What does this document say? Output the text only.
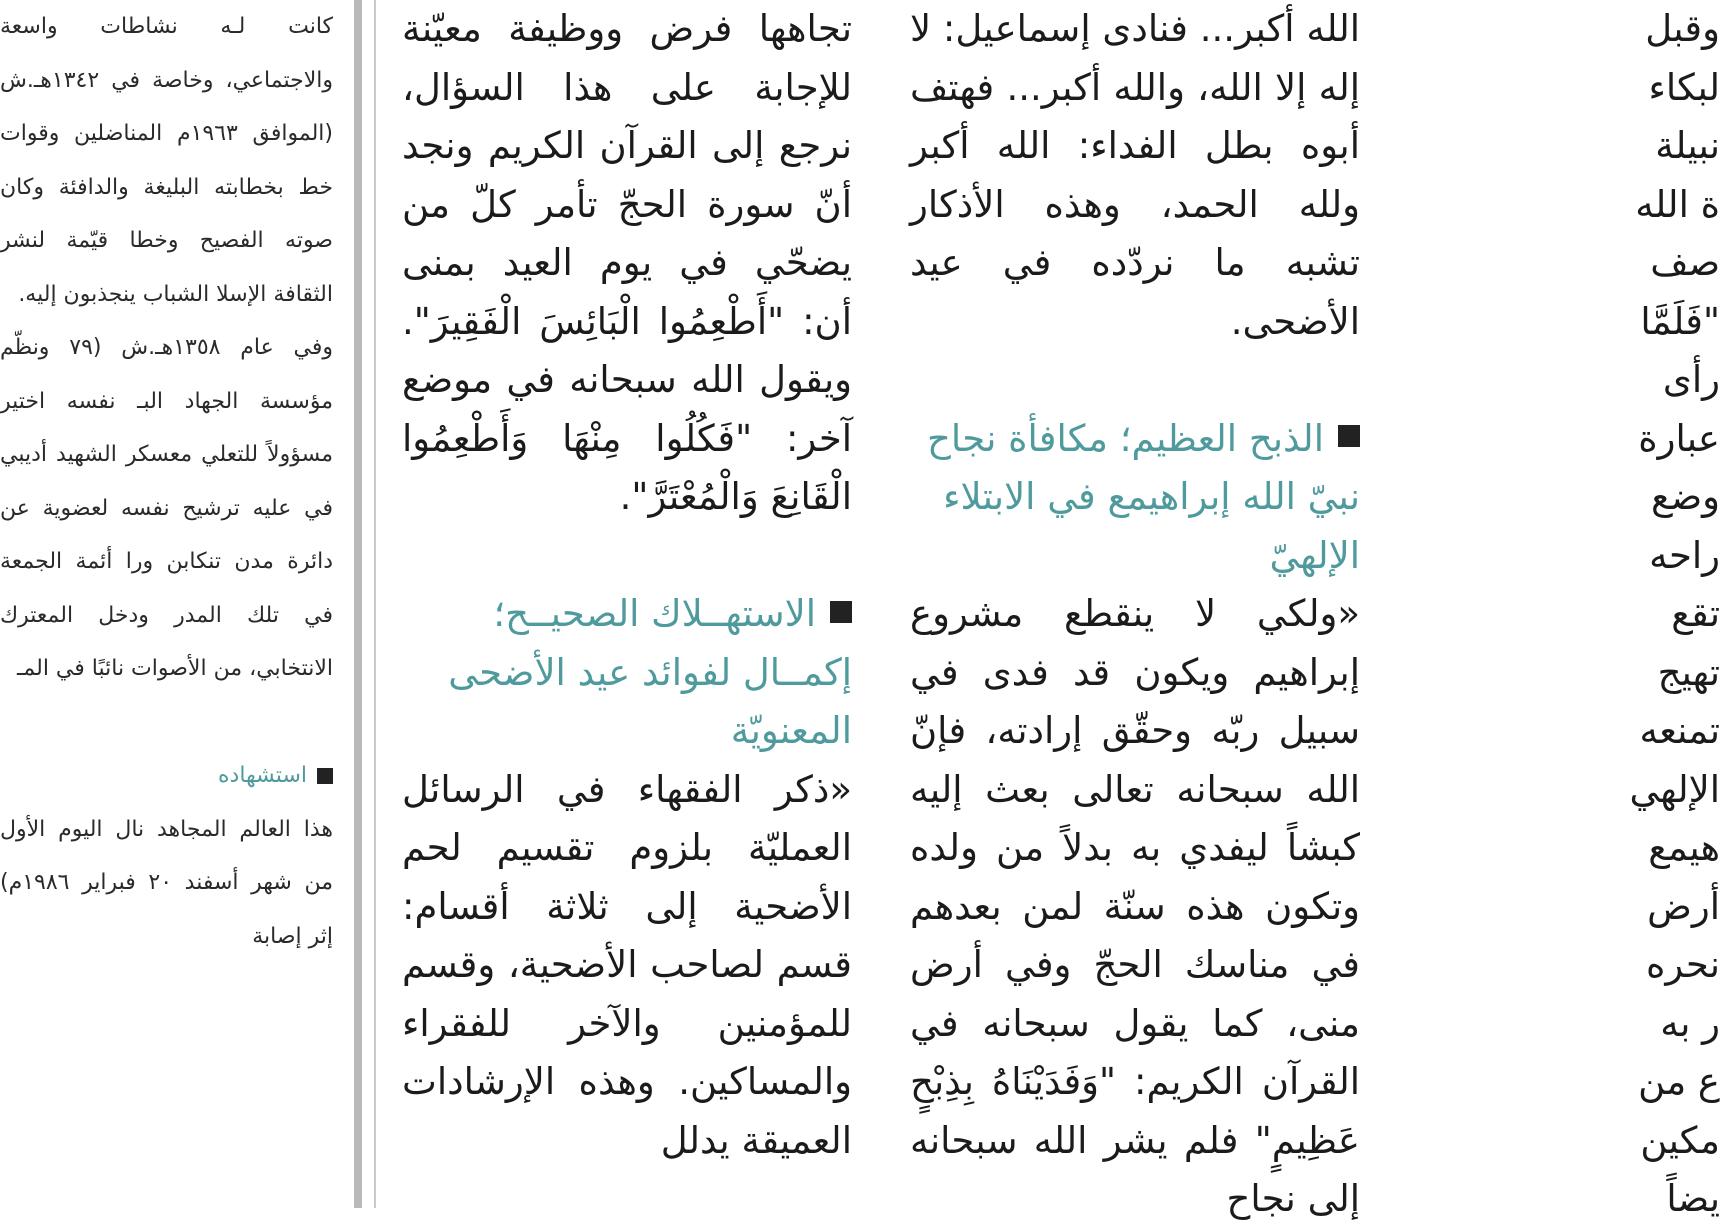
وقبل
لبكاء
نبيلة
ة الله
صف
"فَلَمَّا
رأى
عبارة
وضع
راحه
تقع
تهيج
تمنعه
الإلهي
هيمع
أرض
نحره
ر به
ع من
مكين
يضاً

الله أكبر... فنادى إسماعيل: لا إله إلا الله، والله أكبر... فهتف أبوه بطل الفداء: الله أكبر ولله الحمد، وهذه الأذكار تشبه ما نردّده في عيد الأضحى.

الذبح العظيم؛ مكافأة نجاح نبيّ الله إبراهيمع في الابتلاء الإلهيّ

«ولكي لا ينقطع مشروع إبراهيم ويكون قد فدى في سبيل ربّه وحقّق إرادته، فإنّ الله سبحانه تعالى بعث إليه كبشاً ليفدي به بدلاً من ولده وتكون هذه سنّة لمن بعدهم في مناسك الحجّ وفي أرض منى، كما يقول سبحانه في القرآن الكريم: "وَفَدَيْنَاهُ بِذِبْحٍ عَظِيمٍ" فلم يشر الله سبحانه إلى نجاح

تجاهها فرض ووظيفة معيّنة للإجابة على هذا السؤال، نرجع إلى القرآن الكريم ونجد أنّ سورة الحجّ تأمر كلّ من يضحّي في يوم العيد بمنى أن: "أَطْعِمُوا الْبَائِسَ الْفَقِيرَ". ويقول الله سبحانه في موضع آخر: "فَكُلُوا مِنْهَا وَأَطْعِمُوا الْقَانِعَ وَالْمُعْتَرَّ".

الاستهــلاك الصحيــح؛ إكمــال لفوائد عيد الأضحى المعنويّة

«ذكر الفقهاء في الرسائل العمليّة بلزوم تقسيم لحم الأضحية إلى ثلاثة أقسام: قسم لصاحب الأضحية، وقسم للمؤمنين والآخر للفقراء والمساكين. وهذه الإرشادات العميقة يدلل

كانت لـه نشاطات واسعة والاجتماعي، وخاصة في ١٣٤٢هـ.ش (الموافق ١٩٦٣م المناضلين وقوات خط بخطابته البليغة والدافئة وكان صوته الفصيح وخطا قيّمة لنشر الثقافة الإسلا الشباب ينجذبون إليه.

وفي عام ١٣٥٨هـ.ش (٧٩ ونظّم مؤسسة الجهاد البـ نفسه اختير مسؤولاً للتعلي معسكر الشهيد أديبي في عليه ترشيح نفسه لعضوية عن دائرة مدن تنكابن ورا أئمة الجمعة في تلك المدر ودخل المعترك الانتخابي، من الأصوات نائبًا في المـ

استشهاده

هذا العالم المجاهد نال اليوم الأول من شهر أسفند ٢٠ فبراير ١٩٨٦م) إثر إصابة
